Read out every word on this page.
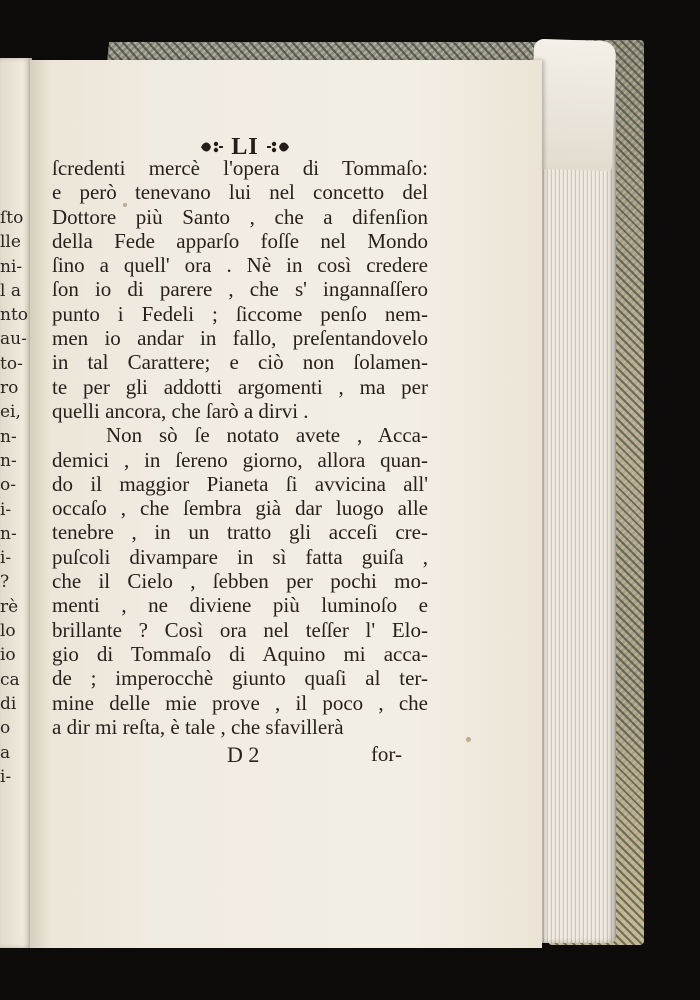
ſto
lle
ni-
l a
nto
au-
to-
ro
ei,
n-
n-
o-
i-
n-
i-
?
rè
lo
io
ca
di
o
a
i-
LI
ſcredenti mercè l'opera di Tommaſo:
e però tenevano lui nel concetto del
Dottore più Santo , che a difenſion
della Fede apparſo foſſe nel Mondo
ſino a quell' ora . Nè in così credere
ſon io di parere , che s' ingannaſſero
punto i Fedeli ; ſiccome penſo nem-
men io andar in fallo, preſentandovelo
in tal Carattere; e ciò non ſolamen-
te per gli addotti argomenti , ma per
quelli ancora, che ſarò a dirvi .
Non sò ſe notato avete , Acca-
demici , in ſereno giorno, allora quan-
do il maggior Pianeta ſi avvicina all'
occaſo , che ſembra già dar luogo alle
tenebre , in un tratto gli acceſi cre-
puſcoli divampare in sì fatta guiſa ,
che il Cielo , ſebben per pochi mo-
menti , ne diviene più luminoſo e
brillante ? Così ora nel teſſer l' Elo-
gio di Tommaſo di Aquino mi acca-
de ; imperocchè giunto quaſi al ter-
mine delle mie prove , il poco , che
a dir mi reſta, è tale , che sfavillerà
D 2	for-
